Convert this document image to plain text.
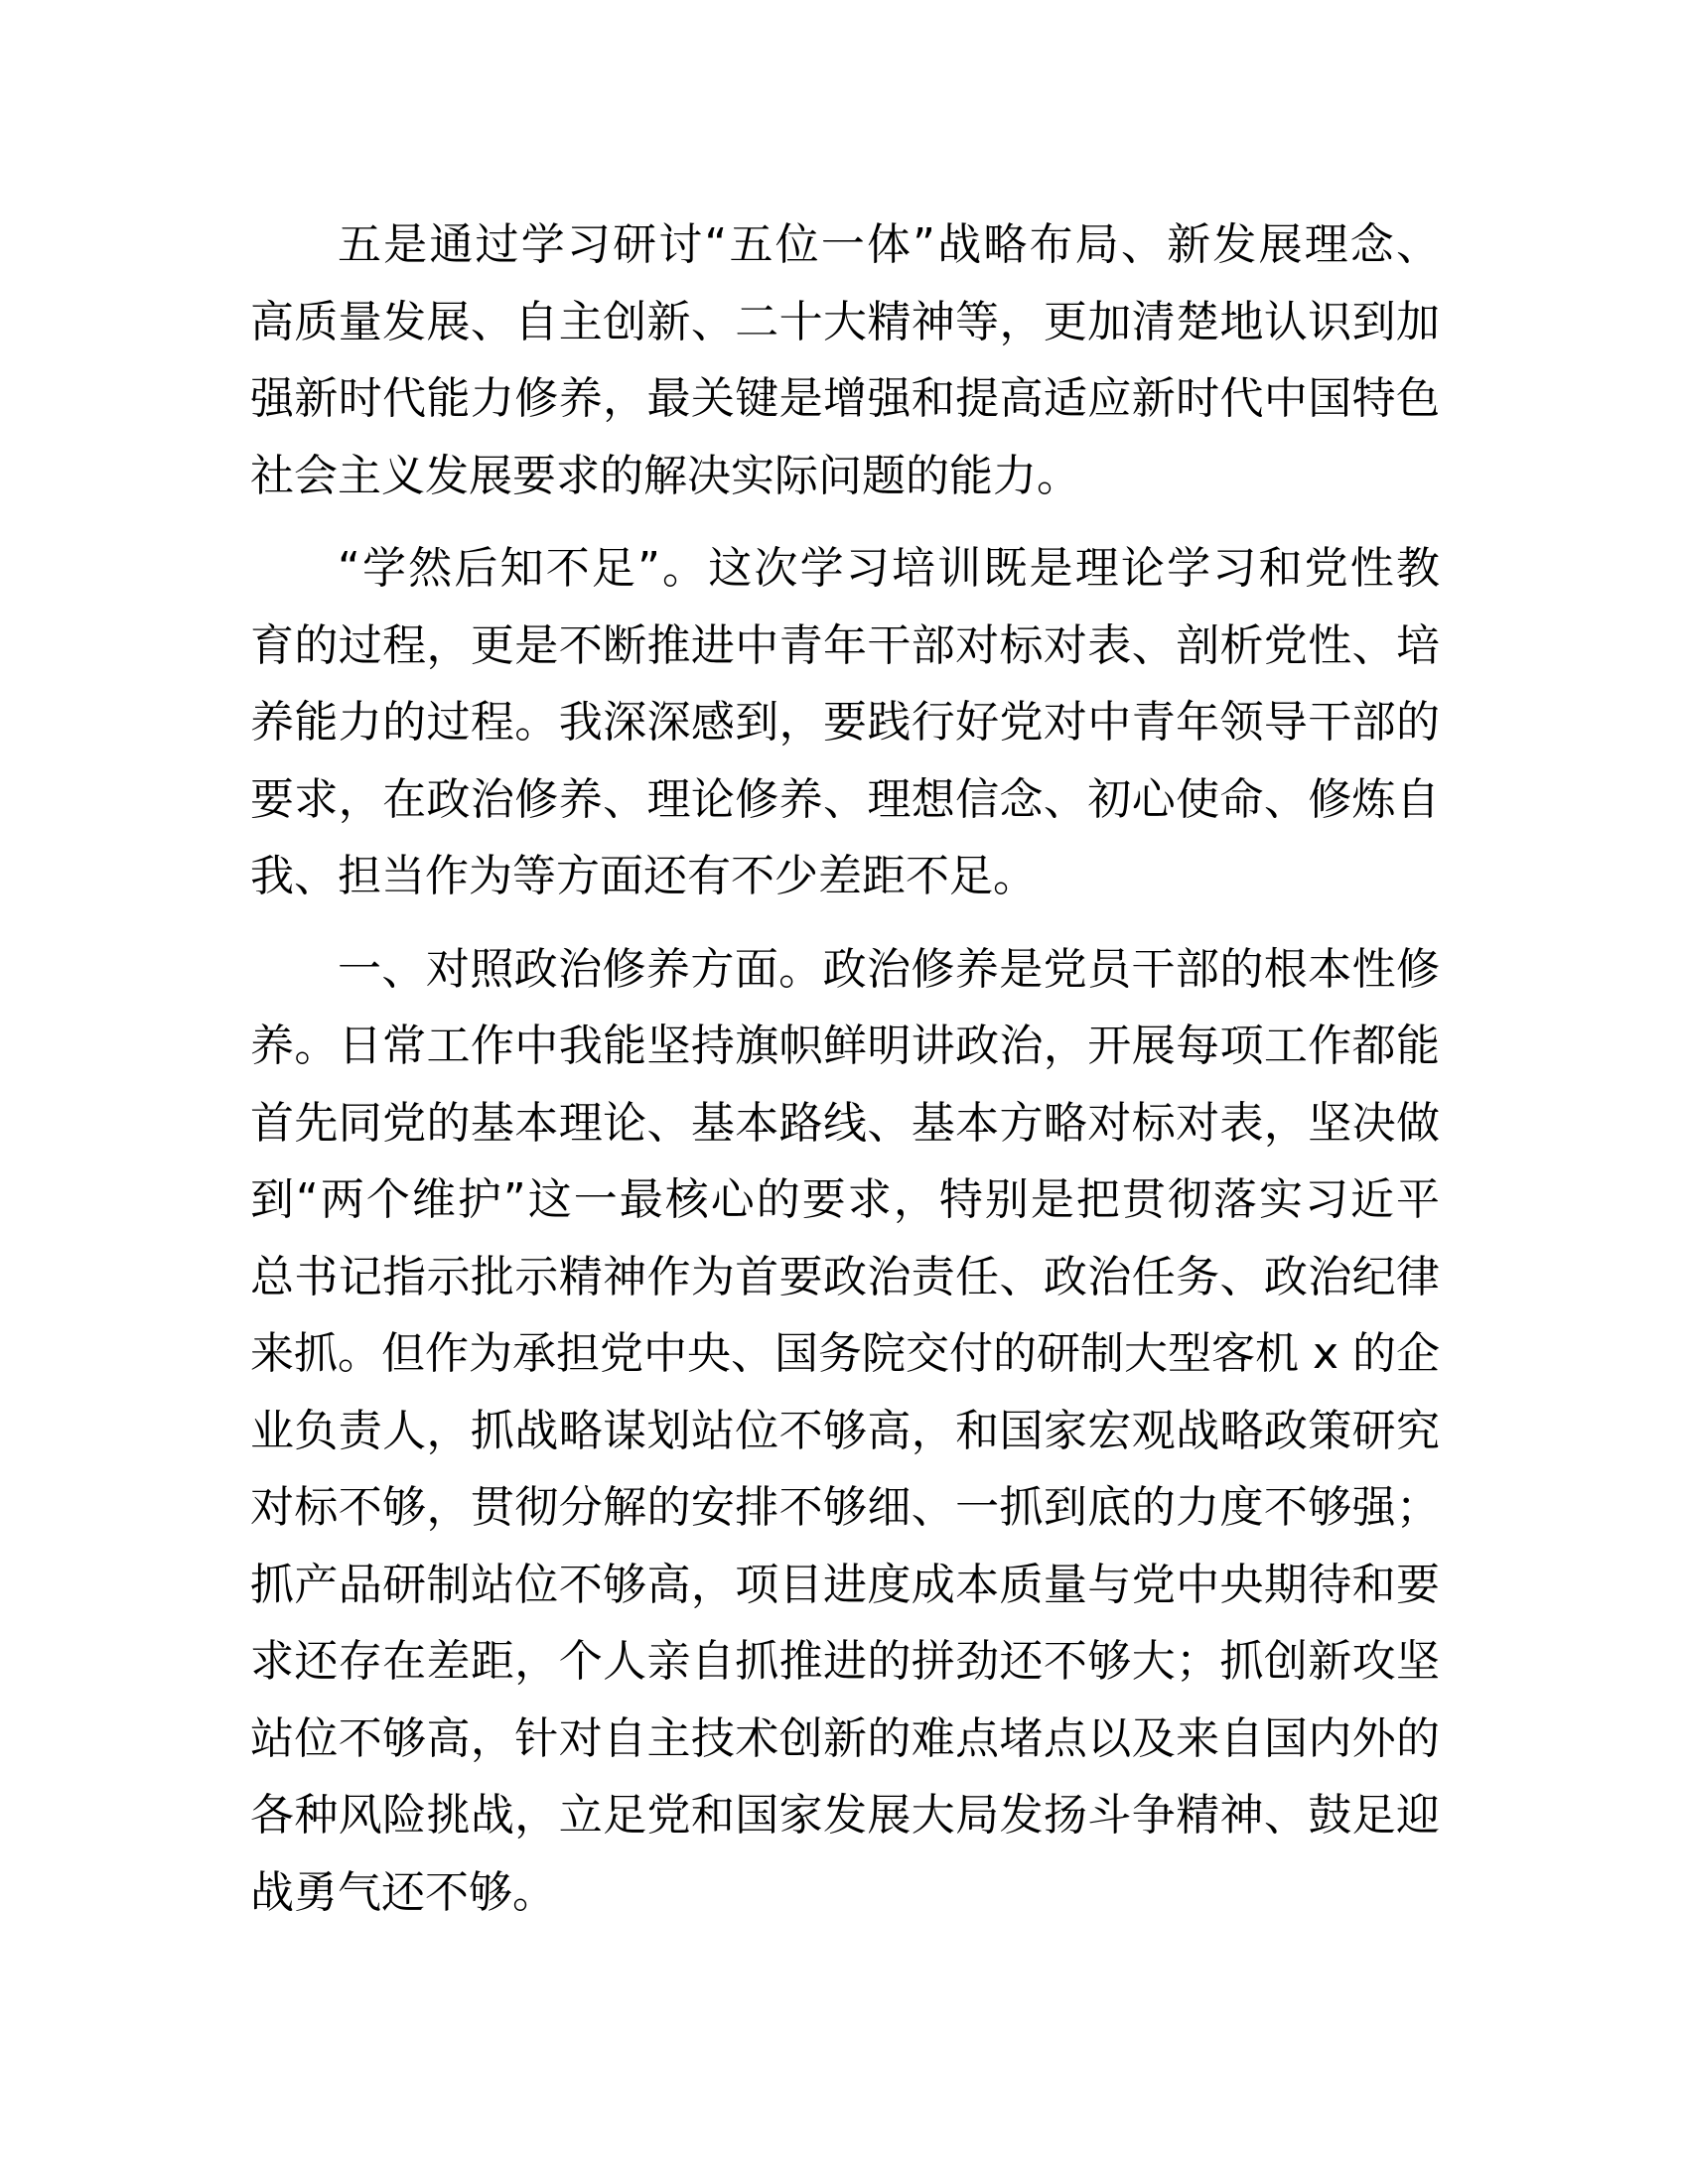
五是通过学习研讨“五位一体”战略布局、新发展理念、
高质量发展、自主创新、二十大精神等，更加清楚地认识到加
强新时代能力修养，最关键是增强和提高适应新时代中国特色
社会主义发展要求的解决实际问题的能力。
“学然后知不足”。这次学习培训既是理论学习和党性教
育的过程，更是不断推进中青年干部对标对表、剖析党性、培
养能力的过程。我深深感到，要践行好党对中青年领导干部的
要求，在政治修养、理论修养、理想信念、初心使命、修炼自
我、担当作为等方面还有不少差距不足。
一、对照政治修养方面。政治修养是党员干部的根本性修
养。日常工作中我能坚持旗帜鲜明讲政治，开展每项工作都能
首先同党的基本理论、基本路线、基本方略对标对表，坚决做
到“两个维护”这一最核心的要求，特别是把贯彻落实习近平
总书记指示批示精神作为首要政治责任、政治任务、政治纪律
来抓。但作为承担党中央、国务院交付的研制大型客机 x 的企
业负责人，抓战略谋划站位不够高，和国家宏观战略政策研究
对标不够，贯彻分解的安排不够细、一抓到底的力度不够强；
抓产品研制站位不够高，项目进度成本质量与党中央期待和要
求还存在差距，个人亲自抓推进的拼劲还不够大；抓创新攻坚
站位不够高，针对自主技术创新的难点堵点以及来自国内外的
各种风险挑战，立足党和国家发展大局发扬斗争精神、鼓足迎
战勇气还不够。
